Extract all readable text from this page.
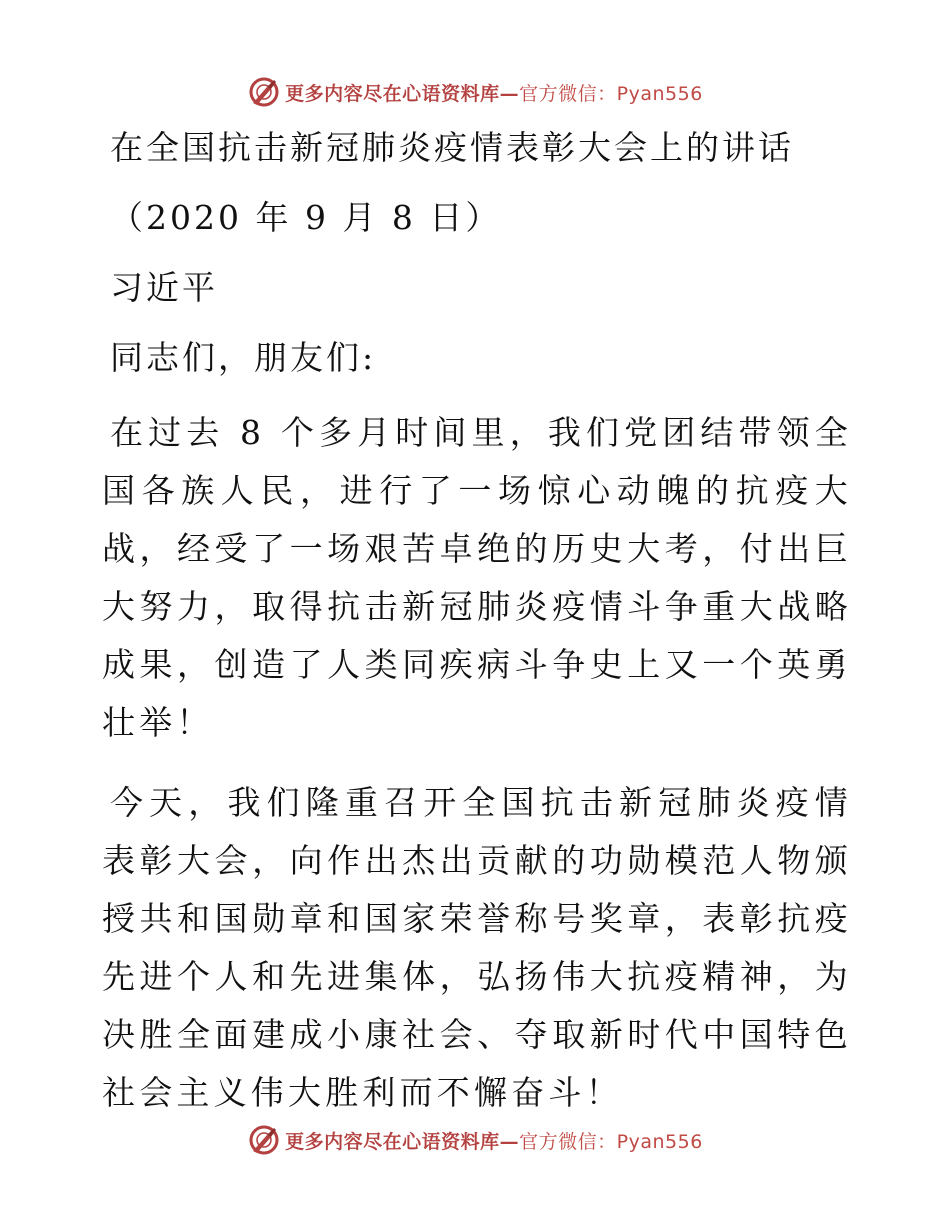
更多内容尽在心语资料库— 官方微信：Pyan556

在全国抗击新冠肺炎疫情表彰大会上的讲话

（2020 年 9 月 8 日）

习近平

同志们，朋友们:

在过去 8 个多月时间里，我们党团结带领全国各族人民，进行了一场惊心动魄的抗疫大战，经受了一场艰苦卓绝的历史大考，付出巨大努力，取得抗击新冠肺炎疫情斗争重大战略成果，创造了人类同疾病斗争史上又一个英勇壮举！

今天，我们隆重召开全国抗击新冠肺炎疫情表彰大会，向作出杰出贡献的功勋模范人物颁授共和国勋章和国家荣誉称号奖章，表彰抗疫先进个人和先进集体，弘扬伟大抗疫精神，为决胜全面建成小康社会、夺取新时代中国特色社会主义伟大胜利而不懈奋斗！

更多内容尽在心语资料库— 官方微信：Pyan556
